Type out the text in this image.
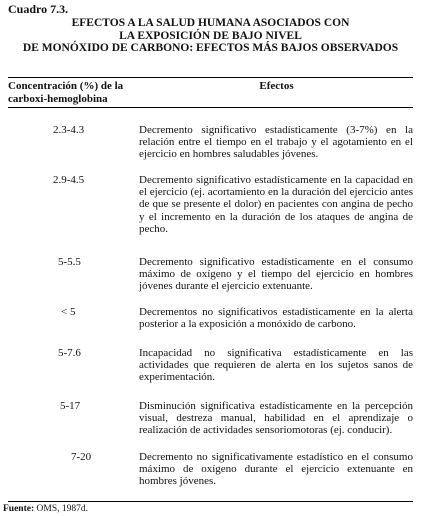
Cuadro 7.3.
EFECTOS A LA SALUD HUMANA ASOCIADOS CON
LA EXPOSICIÓN DE BAJO NIVEL
DE MONÓXIDO DE CARBONO: EFECTOS MÁS BAJOS OBSERVADOS
Concentración (%) de la carboxi-hemoglobina
Efectos
2.3-4.3	Decremento significativo estadísticamente (3-7%) en la relación entre el tiempo en el trabajo y el agotamiento en el ejercicio en hombres saludables jóvenes.
2.9-4.5	Decremento significativo estadísticamente en la capacidad en el ejercicio (ej. acortamiento en la duración del ejercicio antes de que se presente el dolor) en pacientes con angina de pecho y el incremento en la duración de los ataques de angina de pecho.
5-5.5	Decremento significativo estadísticamente en el consumo máximo de oxígeno y el tiempo del ejercicio en hombres jóvenes durante el ejercicio extenuante.
< 5	Decrementos no significativos estadísticamente en la alerta posterior a la exposición a monóxido de carbono.
5-7.6	Incapacidad no significativa estadísticamente en las actividades que requieren de alerta en los sujetos sanos de experimentación.
5-17	Disminución significativa estadísticamente en la percepción visual, destreza manual, habilidad en el aprendizaje o realización de actividades sensoriomotoras (ej. conducir).
7-20	Decremento no significativamente estadístico en el consumo máximo de oxígeno durante el ejercicio extenuante en hombres jóvenes.
Fuente: OMS, 1987d.
